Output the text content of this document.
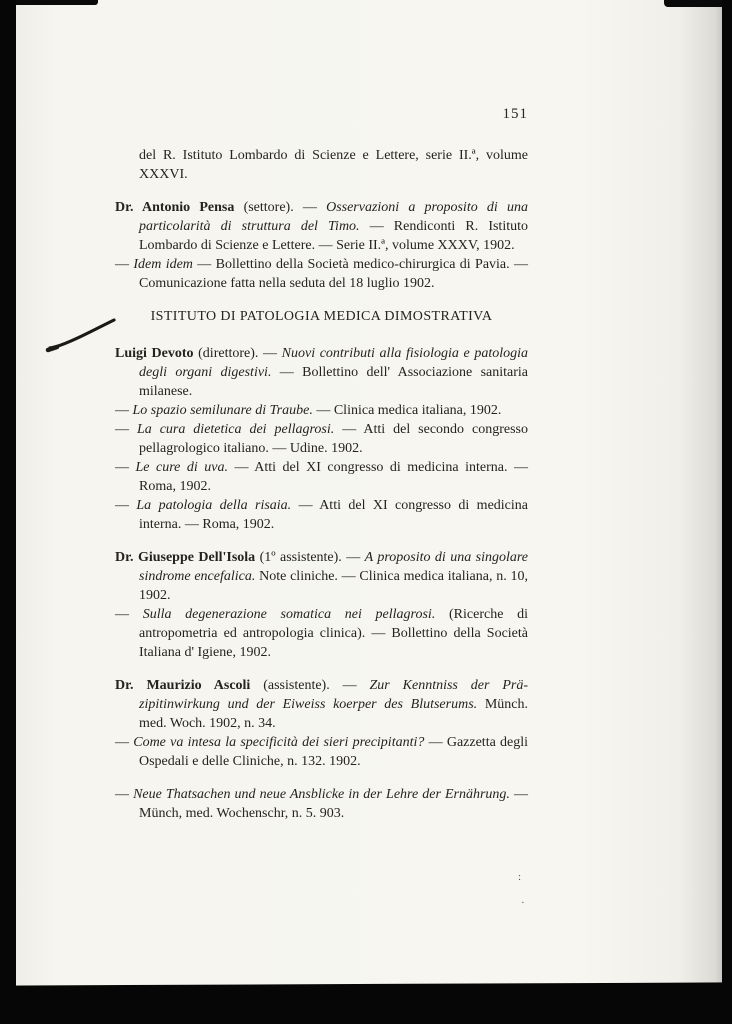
151

del R. Istituto Lombardo di Scienze e Lettere, serie II.ª, volume XXXVI.

Dr. Antonio Pensa (settore). — Osservazioni a proposito di una particolarità di struttura del Timo. — Rendiconti R. Istituto Lombardo di Scienze e Lettere. — Serie II.ª, volume XXXV, 1902.

— Idem idem — Bollettino della Società medico-chirurgica di Pavia. — Comunicazione fatta nella seduta del 18 luglio 1902.

ISTITUTO DI PATOLOGIA MEDICA DIMOSTRATIVA

Luigi Devoto (direttore). — Nuovi contributi alla fisiologia e patologia degli organi digestivi. — Bollettino dell' Associazione sanitaria milanese.

— Lo spazio semilunare di Traube. — Clinica medica italiana, 1902.

— La cura dietetica dei pellagrosi. — Atti del secondo congresso pellagrologico italiano. — Udine. 1902.

— Le cure di uva. — Atti del XI congresso di medicina interna. — Roma, 1902.

— La patologia della risaia. — Atti del XI congresso di medicina interna. — Roma, 1902.

Dr. Giuseppe Dell'Isola (1º assistente). — A proposito di una singolare sindrome encefalica. Note cliniche. — Clinica medica italiana, n. 10, 1902.

— Sulla degenerazione somatica nei pellagrosi. (Ricerche di antropometria ed antropologia clinica). — Bollettino della Società Italiana d' Igiene, 1902.

Dr. Maurizio Ascoli (assistente). — Zur Kenntniss der Präzipitinwirkung und der Eiweiss koerper des Blutserums. Münch. med. Woch. 1902, n. 34.

— Come va intesa la specificità dei sieri precipitanti? — Gazzetta degli Ospedali e delle Cliniche, n. 132. 1902.

— Neue Thatsachen und neue Ansblicke in der Lehre der Ernährung. — Münch, med. Wochenschr, n. 5. 903.

:
·
